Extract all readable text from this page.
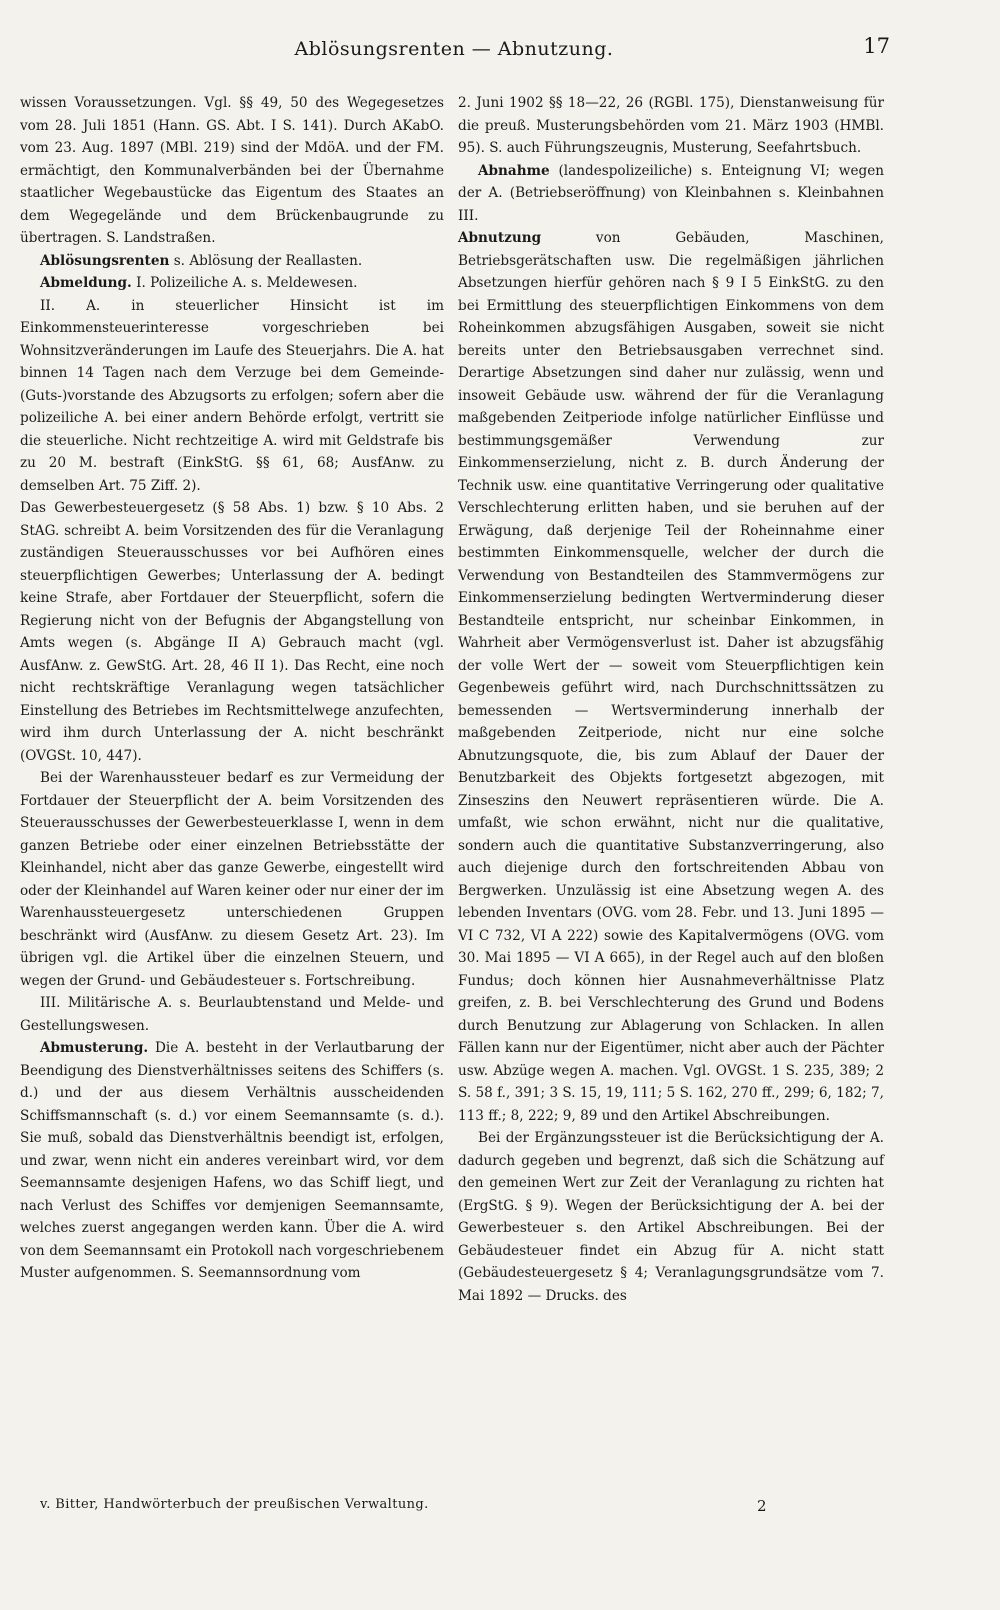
Ablösungsrenten — Abnutzung.	17

wissen Voraussetzungen. Vgl. §§ 49, 50 des Wegegesetzes vom 28. Juli 1851 (Hann. GS. Abt. I S. 141). Durch AKabO. vom 23. Aug. 1897 (MBl. 219) sind der MdöA. und der FM. ermächtigt, den Kommunalverbänden bei der Übernahme staatlicher Wegebaustücke das Eigentum des Staates an dem Wegegelände und dem Brückenbaugrunde zu übertragen. S. Landstraßen.

Ablösungsrenten s. Ablösung der Reallasten.

Abmeldung. I. Polizeiliche A. s. Meldewesen.

II. A. in steuerlicher Hinsicht ist im Einkommensteuerinteresse vorgeschrieben bei Wohnsitzveränderungen im Laufe des Steuerjahrs. Die A. hat binnen 14 Tagen nach dem Verzuge bei dem Gemeinde-(Guts-)vorstande des Abzugsorts zu erfolgen; sofern aber die polizeiliche A. bei einer andern Behörde erfolgt, vertritt sie die steuerliche. Nicht rechtzeitige A. wird mit Geldstrafe bis zu 20 M. bestraft (EinkStG. §§ 61, 68; AusfAnw. zu demselben Art. 75 Ziff. 2).

Das Gewerbesteuergesetz (§ 58 Abs. 1) bzw. § 10 Abs. 2 StAG. schreibt A. beim Vorsitzenden des für die Veranlagung zuständigen Steuerausschusses vor bei Aufhören eines steuerpflichtigen Gewerbes; Unterlassung der A. bedingt keine Strafe, aber Fortdauer der Steuerpflicht, sofern die Regierung nicht von der Befugnis der Abgangstellung von Amts wegen (s. Abgänge II A) Gebrauch macht (vgl. AusfAnw. z. GewStG. Art. 28, 46 II 1). Das Recht, eine noch nicht rechtskräftige Veranlagung wegen tatsächlicher Einstellung des Betriebes im Rechtsmittelwege anzufechten, wird ihm durch Unterlassung der A. nicht beschränkt (OVGSt. 10, 447).

Bei der Warenhaussteuer bedarf es zur Vermeidung der Fortdauer der Steuerpflicht der A. beim Vorsitzenden des Steuerausschusses der Gewerbesteuerklasse I, wenn in dem ganzen Betriebe oder einer einzelnen Betriebsstätte der Kleinhandel, nicht aber das ganze Gewerbe, eingestellt wird oder der Kleinhandel auf Waren keiner oder nur einer der im Warenhaussteuergesetz unterschiedenen Gruppen beschränkt wird (AusfAnw. zu diesem Gesetz Art. 23). Im übrigen vgl. die Artikel über die einzelnen Steuern, und wegen der Grund- und Gebäudesteuer s. Fortschreibung.

III. Militärische A. s. Beurlaubtenstand und Melde- und Gestellungswesen.

Abmusterung. Die A. besteht in der Verlautbarung der Beendigung des Dienstverhältnisses seitens des Schiffers (s. d.) und der aus diesem Verhältnis ausscheidenden Schiffsmannschaft (s. d.) vor einem Seemannsamte (s. d.). Sie muß, sobald das Dienstverhältnis beendigt ist, erfolgen, und zwar, wenn nicht ein anderes vereinbart wird, vor dem Seemannsamte desjenigen Hafens, wo das Schiff liegt, und nach Verlust des Schiffes vor demjenigen Seemannsamte, welches zuerst angegangen werden kann. Über die A. wird von dem Seemannsamt ein Protokoll nach vorgeschriebenem Muster aufgenommen. S. Seemannsordnung vom

2. Juni 1902 §§ 18—22, 26 (RGBl. 175), Dienstanweisung für die preuß. Musterungsbehörden vom 21. März 1903 (HMBl. 95). S. auch Führungszeugnis, Musterung, Seefahrtsbuch.

Abnahme (landespolizeiliche) s. Enteignung VI; wegen der A. (Betriebseröffnung) von Kleinbahnen s. Kleinbahnen III.

Abnutzung von Gebäuden, Maschinen, Betriebsgerätschaften usw. Die regelmäßigen jährlichen Absetzungen hierfür gehören nach § 9 I 5 EinkStG. zu den bei Ermittlung des steuerpflichtigen Einkommens von dem Roheinkommen abzugsfähigen Ausgaben, soweit sie nicht bereits unter den Betriebsausgaben verrechnet sind. Derartige Absetzungen sind daher nur zulässig, wenn und insoweit Gebäude usw. während der für die Veranlagung maßgebenden Zeitperiode infolge natürlicher Einflüsse und bestimmungsgemäßer Verwendung zur Einkommenserzielung, nicht z. B. durch Änderung der Technik usw. eine quantitative Verringerung oder qualitative Verschlechterung erlitten haben, und sie beruhen auf der Erwägung, daß derjenige Teil der Roheinnahme einer bestimmten Einkommensquelle, welcher der durch die Verwendung von Bestandteilen des Stammvermögens zur Einkommenserzielung bedingten Wertverminderung dieser Bestandteile entspricht, nur scheinbar Einkommen, in Wahrheit aber Vermögensverlust ist. Daher ist abzugsfähig der volle Wert der — soweit vom Steuerpflichtigen kein Gegenbeweis geführt wird, nach Durchschnittssätzen zu bemessenden — Wertsverminderung innerhalb der maßgebenden Zeitperiode, nicht nur eine solche Abnutzungsquote, die, bis zum Ablauf der Dauer der Benutzbarkeit des Objekts fortgesetzt abgezogen, mit Zinseszins den Neuwert repräsentieren würde. Die A. umfaßt, wie schon erwähnt, nicht nur die qualitative, sondern auch die quantitative Substanzverringerung, also auch diejenige durch den fortschreitenden Abbau von Bergwerken. Unzulässig ist eine Absetzung wegen A. des lebenden Inventars (OVG. vom 28. Febr. und 13. Juni 1895 — VI C 732, VI A 222) sowie des Kapitalvermögens (OVG. vom 30. Mai 1895 — VI A 665), in der Regel auch auf den bloßen Fundus; doch können hier Ausnahmeverhältnisse Platz greifen, z. B. bei Verschlechterung des Grund und Bodens durch Benutzung zur Ablagerung von Schlacken. In allen Fällen kann nur der Eigentümer, nicht aber auch der Pächter usw. Abzüge wegen A. machen. Vgl. OVGSt. 1 S. 235, 389; 2 S. 58 f., 391; 3 S. 15, 19, 111; 5 S. 162, 270 ff., 299; 6, 182; 7, 113 ff.; 8, 222; 9, 89 und den Artikel Abschreibungen.

Bei der Ergänzungssteuer ist die Berücksichtigung der A. dadurch gegeben und begrenzt, daß sich die Schätzung auf den gemeinen Wert zur Zeit der Veranlagung zu richten hat (ErgStG. § 9). Wegen der Berücksichtigung der A. bei der Gewerbesteuer s. den Artikel Abschreibungen. Bei der Gebäudesteuer findet ein Abzug für A. nicht statt (Gebäudesteuergesetz § 4; Veranlagungsgrundsätze vom 7. Mai 1892 — Drucks. des

v. Bitter, Handwörterbuch der preußischen Verwaltung.	2
